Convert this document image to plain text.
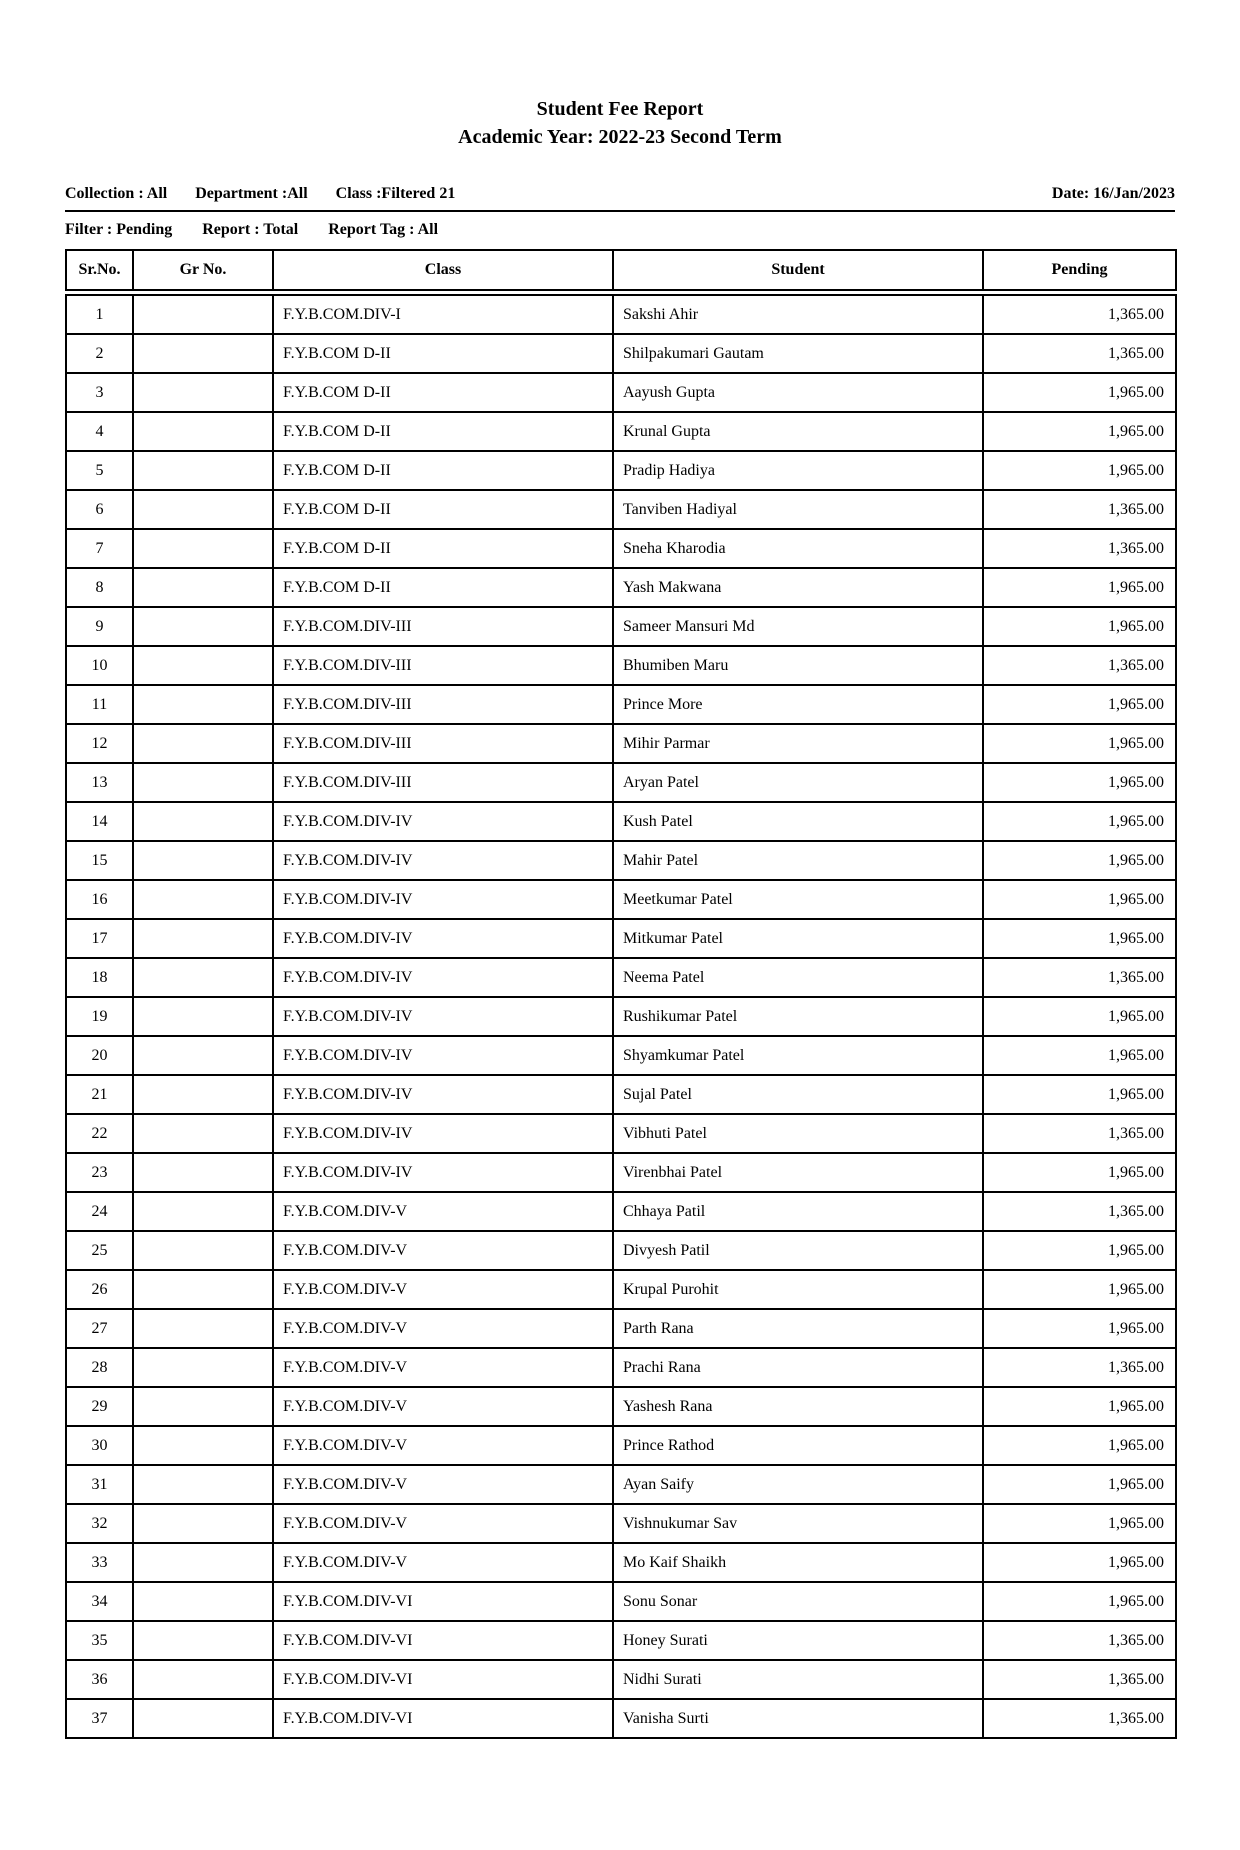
Student Fee Report
Academic Year: 2022-23 Second Term
Collection : All Department :All Class :Filtered 21	Date: 16/Jan/2023
Filter : Pending Report : Total Report Tag : All
Sr.No.	Gr No.	Class	Student	Pending
1		F.Y.B.COM.DIV-I	Sakshi Ahir	1,365.00
2		F.Y.B.COM D-II	Shilpakumari Gautam	1,365.00
3		F.Y.B.COM D-II	Aayush Gupta	1,965.00
4		F.Y.B.COM D-II	Krunal Gupta	1,965.00
5		F.Y.B.COM D-II	Pradip Hadiya	1,965.00
6		F.Y.B.COM D-II	Tanviben Hadiyal	1,365.00
7		F.Y.B.COM D-II	Sneha Kharodia	1,365.00
8		F.Y.B.COM D-II	Yash Makwana	1,965.00
9		F.Y.B.COM.DIV-III	Sameer Mansuri Md	1,965.00
10		F.Y.B.COM.DIV-III	Bhumiben Maru	1,365.00
11		F.Y.B.COM.DIV-III	Prince More	1,965.00
12		F.Y.B.COM.DIV-III	Mihir Parmar	1,965.00
13		F.Y.B.COM.DIV-III	Aryan Patel	1,965.00
14		F.Y.B.COM.DIV-IV	Kush Patel	1,965.00
15		F.Y.B.COM.DIV-IV	Mahir Patel	1,965.00
16		F.Y.B.COM.DIV-IV	Meetkumar Patel	1,965.00
17		F.Y.B.COM.DIV-IV	Mitkumar Patel	1,965.00
18		F.Y.B.COM.DIV-IV	Neema Patel	1,365.00
19		F.Y.B.COM.DIV-IV	Rushikumar Patel	1,965.00
20		F.Y.B.COM.DIV-IV	Shyamkumar Patel	1,965.00
21		F.Y.B.COM.DIV-IV	Sujal Patel	1,965.00
22		F.Y.B.COM.DIV-IV	Vibhuti Patel	1,365.00
23		F.Y.B.COM.DIV-IV	Virenbhai Patel	1,965.00
24		F.Y.B.COM.DIV-V	Chhaya Patil	1,365.00
25		F.Y.B.COM.DIV-V	Divyesh Patil	1,965.00
26		F.Y.B.COM.DIV-V	Krupal Purohit	1,965.00
27		F.Y.B.COM.DIV-V	Parth Rana	1,965.00
28		F.Y.B.COM.DIV-V	Prachi Rana	1,365.00
29		F.Y.B.COM.DIV-V	Yashesh Rana	1,965.00
30		F.Y.B.COM.DIV-V	Prince Rathod	1,965.00
31		F.Y.B.COM.DIV-V	Ayan Saify	1,965.00
32		F.Y.B.COM.DIV-V	Vishnukumar Sav	1,965.00
33		F.Y.B.COM.DIV-V	Mo Kaif Shaikh	1,965.00
34		F.Y.B.COM.DIV-VI	Sonu Sonar	1,965.00
35		F.Y.B.COM.DIV-VI	Honey Surati	1,365.00
36		F.Y.B.COM.DIV-VI	Nidhi Surati	1,365.00
37		F.Y.B.COM.DIV-VI	Vanisha Surti	1,365.00
